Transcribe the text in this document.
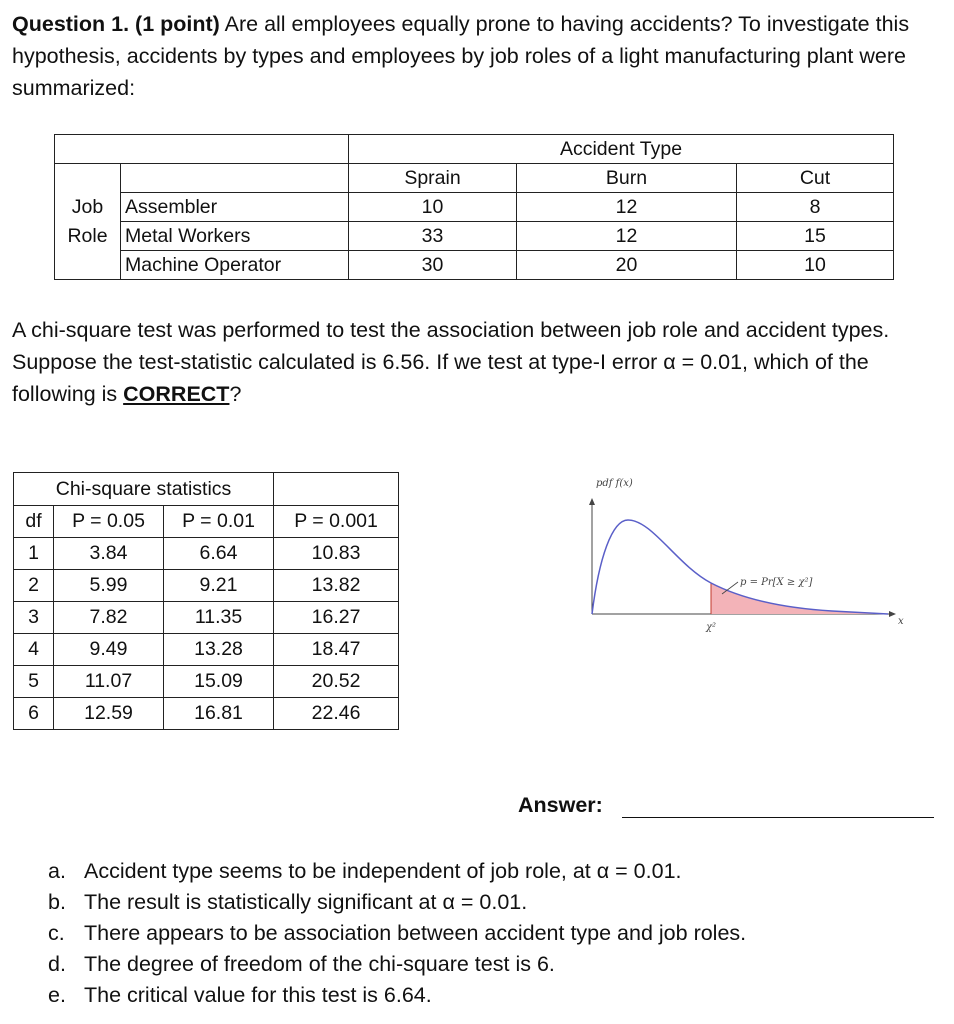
Question 1. (1 point) Are all employees equally prone to having accidents? To investigate this hypothesis, accidents by types and employees by job roles of a light manufacturing plant were summarized:
		Accident Type		
		Sprain	Burn	Cut
Job	Assembler	10	12	8
Role	Metal Workers	33	12	15
	Machine Operator	30	20	10
A chi-square test was performed to test the association between job role and accident types. Suppose the test-statistic calculated is 6.56. If we test at type-I error α = 0.01, which of the following is CORRECT?
Chi-square statistics			
df	P = 0.05	P = 0.01	P = 0.001
1	3.84	6.64	10.83
2	5.99	9.21	13.82
3	7.82	11.35	16.27
4	9.49	13.28	18.47
5	11.07	15.09	20.52
6	12.59	16.81	22.46
pdf f(x)
x
p = Pr[X ≥ χ²]
χ²
Answer:
a. Accident type seems to be independent of job role, at α = 0.01.
b. The result is statistically significant at α = 0.01.
c. There appears to be association between accident type and job roles.
d. The degree of freedom of the chi-square test is 6.
e. The critical value for this test is 6.64.
